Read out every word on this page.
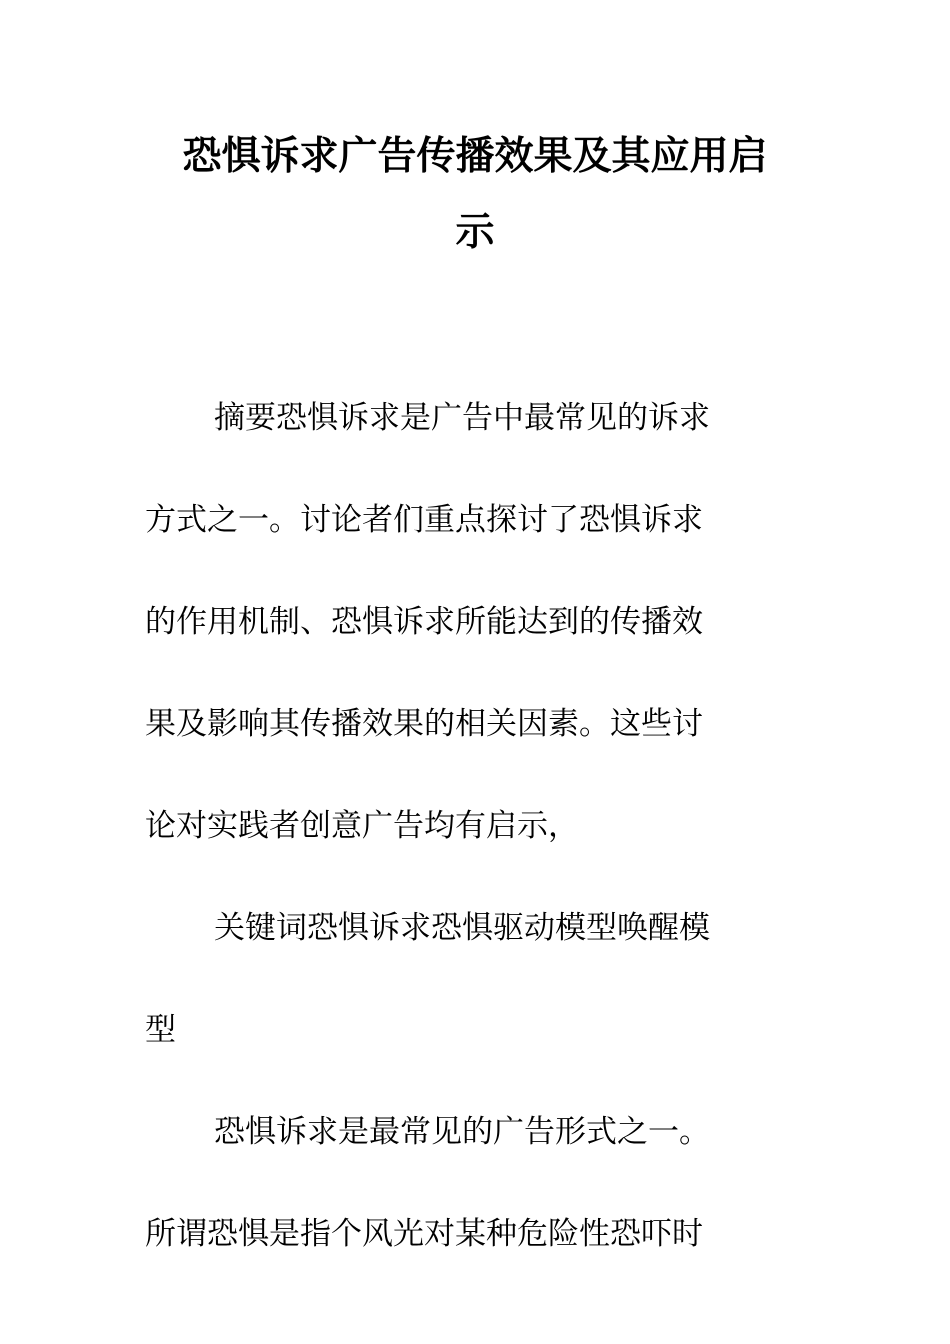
恐惧诉求广告传播效果及其应用启
示
摘要恐惧诉求是广告中最常见的诉求
方式之一。讨论者们重点探讨了恐惧诉求
的作用机制、恐惧诉求所能达到的传播效
果及影响其传播效果的相关因素。这些讨
论对实践者创意广告均有启示，
关键词恐惧诉求恐惧驱动模型唤醒模
型
恐惧诉求是最常见的广告形式之一。
所谓恐惧是指个风光对某种危险性恐吓时
